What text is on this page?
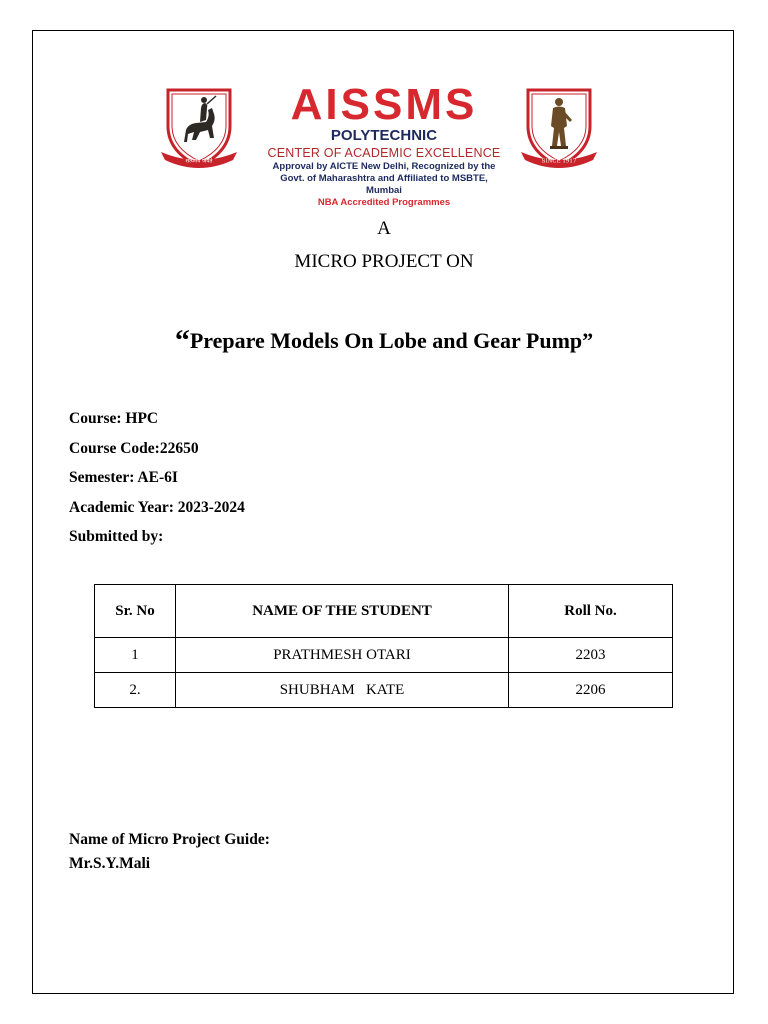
सत्यमेव जयते
AISSMS
POLYTECHNIC
CENTER OF ACADEMIC EXCELLENCE
Approval by AICTE New Delhi, Recognized by the
Govt. of Maharashtra and Affiliated to MSBTE, Mumbai
NBA Accredited Programmes
SINCE 1917
A
MICRO PROJECT ON
“Prepare Models On Lobe and Gear Pump”
Course: HPC
Course Code:22650
Semester: AE-6I
Academic Year: 2023-2024
Submitted by:
Sr. No	NAME OF THE STUDENT	Roll No.
1	PRATHMESH OTARI	2203
2.	SHUBHAM   KATE	2206
Name of Micro Project Guide:
Mr.S.Y.Mali
